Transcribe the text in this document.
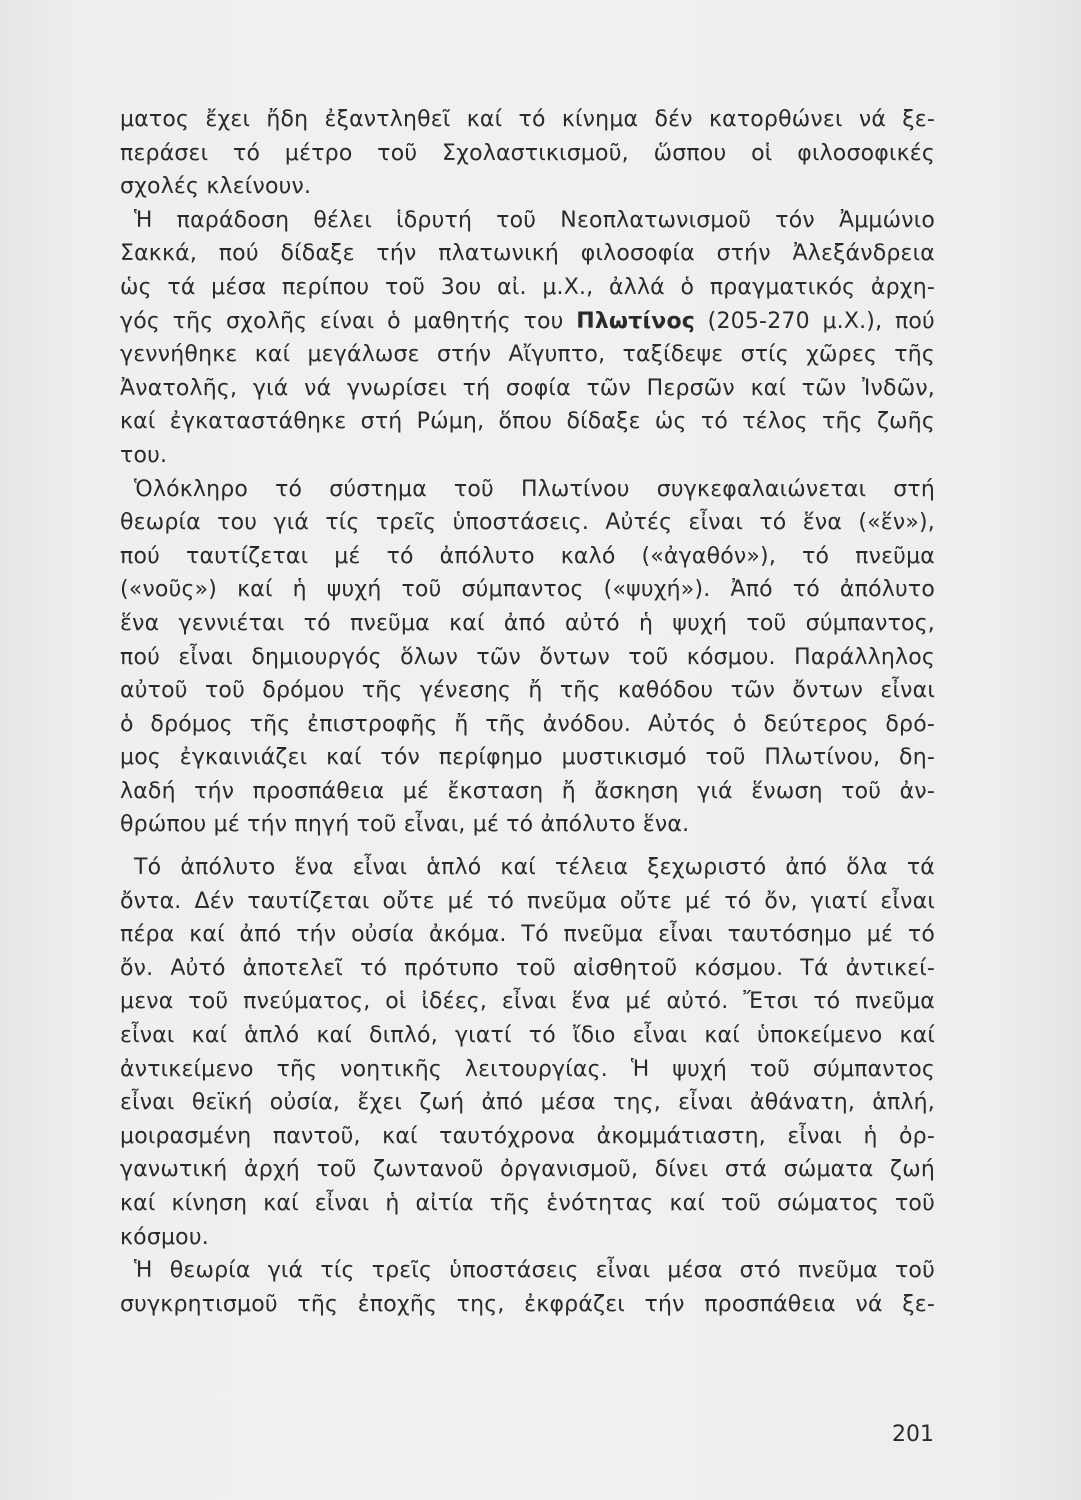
ματος ἔχει ἤδη ἐξαντληθεῖ καί τό κίνημα δέν κατορθώνει νά ξε-
περάσει τό μέτρο τοῦ Σχολαστικισμοῦ, ὥσπου οἱ φιλοσοφικές
σχολές κλείνουν.
Ἡ παράδοση θέλει ἱδρυτή τοῦ Νεοπλατωνισμοῦ τόν Ἀμμώνιο
Σακκά, πού δίδαξε τήν πλατωνική φιλοσοφία στήν Ἀλεξάνδρεια
ὡς τά μέσα περίπου τοῦ 3ου αἰ. μ.Χ., ἀλλά ὁ πραγματικός ἀρχη-
γός τῆς σχολῆς είναι ὁ μαθητής του Πλωτίνος (205-270 μ.Χ.), πού
γεννήθηκε καί μεγάλωσε στήν Αἴγυπτο, ταξίδεψε στίς χῶρες τῆς
Ἀνατολῆς, γιά νά γνωρίσει τή σοφία τῶν Περσῶν καί τῶν Ἰνδῶν,
καί ἐγκαταστάθηκε στή Ρώμη, ὅπου δίδαξε ὡς τό τέλος τῆς ζωῆς
του.
Ὁλόκληρο τό σύστημα τοῦ Πλωτίνου συγκεφαλαιώνεται στή
θεωρία του γιά τίς τρεῖς ὑποστάσεις. Αὐτές εἶναι τό ἕνα («ἕν»),
πού ταυτίζεται μέ τό ἀπόλυτο καλό («ἀγαθόν»), τό πνεῦμα
(«νοῦς») καί ἡ ψυχή τοῦ σύμπαντος («ψυχή»). Ἀπό τό ἀπόλυτο
ἕνα γεννιέται τό πνεῦμα καί ἀπό αὐτό ἡ ψυχή τοῦ σύμπαντος,
πού εἶναι δημιουργός ὅλων τῶν ὄντων τοῦ κόσμου. Παράλληλος
αὐτοῦ τοῦ δρόμου τῆς γένεσης ἤ τῆς καθόδου τῶν ὄντων εἶναι
ὁ δρόμος τῆς ἐπιστροφῆς ἤ τῆς ἀνόδου. Αὐτός ὁ δεύτερος δρό-
μος ἐγκαινιάζει καί τόν περίφημο μυστικισμό τοῦ Πλωτίνου, δη-
λαδή τήν προσπάθεια μέ ἔκσταση ἤ ἄσκηση γιά ἕνωση τοῦ ἀν-
θρώπου μέ τήν πηγή τοῦ εἶναι, μέ τό ἀπόλυτο ἕνα.
Τό ἀπόλυτο ἕνα εἶναι ἁπλό καί τέλεια ξεχωριστό ἀπό ὅλα τά
ὄντα. Δέν ταυτίζεται οὔτε μέ τό πνεῦμα οὔτε μέ τό ὄν, γιατί εἶναι
πέρα καί ἀπό τήν οὐσία ἀκόμα. Τό πνεῦμα εἶναι ταυτόσημο μέ τό
ὄν. Αὐτό ἀποτελεῖ τό πρότυπο τοῦ αἰσθητοῦ κόσμου. Τά ἀντικεί-
μενα τοῦ πνεύματος, οἱ ἰδέες, εἶναι ἕνα μέ αὐτό. Ἔτσι τό πνεῦμα
εἶναι καί ἁπλό καί διπλό, γιατί τό ἴδιο εἶναι καί ὑποκείμενο καί
ἀντικείμενο τῆς νοητικῆς λειτουργίας. Ἡ ψυχή τοῦ σύμπαντος
εἶναι θεϊκή οὐσία, ἔχει ζωή ἀπό μέσα της, εἶναι ἀθάνατη, ἁπλή,
μοιρασμένη παντοῦ, καί ταυτόχρονα ἀκομμάτιαστη, εἶναι ἡ ὀρ-
γανωτική ἀρχή τοῦ ζωντανοῦ ὀργανισμοῦ, δίνει στά σώματα ζωή
καί κίνηση καί εἶναι ἡ αἰτία τῆς ἑνότητας καί τοῦ σώματος τοῦ
κόσμου.
Ἡ θεωρία γιά τίς τρεῖς ὑποστάσεις εἶναι μέσα στό πνεῦμα τοῦ
συγκρητισμοῦ τῆς ἐποχῆς της, ἐκφράζει τήν προσπάθεια νά ξε-
201
